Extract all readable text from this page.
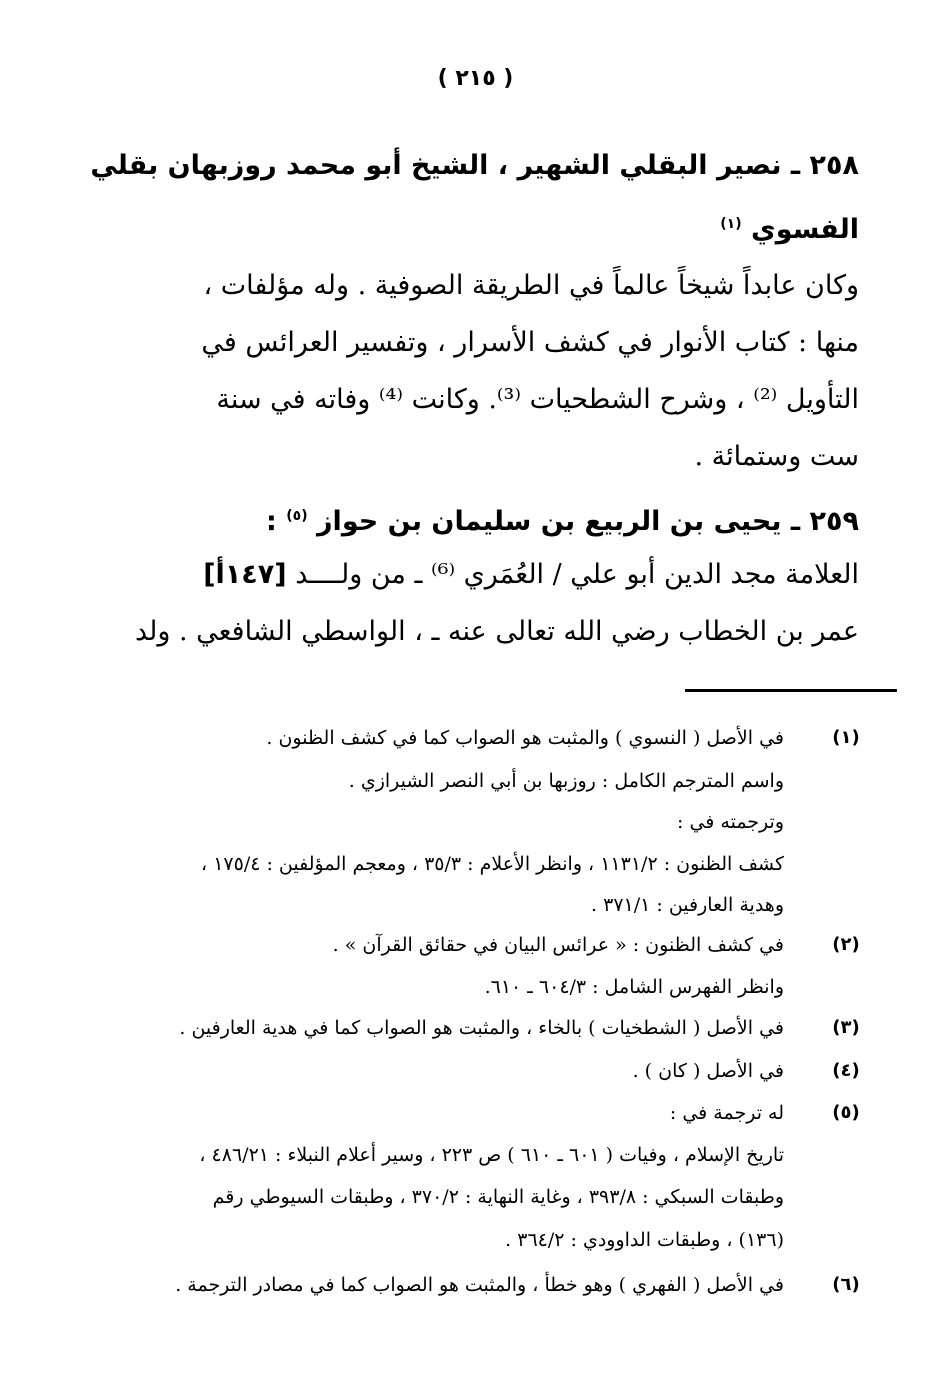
( ٢١٥ )
٢٥٨ ـ نصير البقلي الشهير ، الشيخ أبو محمد روزبهان بقلي
الفسوي $^{(١)}$
وكان عابداً شيخاً عالماً في الطريقة الصوفية . وله مؤلفات ،
منها : كتاب الأنوار في كشف الأسرار ، وتفسير العرائس في
التأويل ⁽²⁾ ، وشرح الشطحيات ⁽³⁾. وكانت ⁽⁴⁾ وفاته في سنة
ست وستمائة .
٢٥٩ ـ يحيى بن الربيع بن سليمان بن حواز $^{(٥)}$ :
العلامة مجد الدين أبو علي / العُمَري ⁽⁶⁾ ـ من ولــــد [١٤٧أ]
عمر بن الخطاب رضي الله تعالى عنه ـ ، الواسطي الشافعي . ولد
(١)
في الأصل ( النسوي ) والمثبت هو الصواب كما في كشف الظنون .
واسم المترجم الكامل : روزبها بن أبي النصر الشيرازي .
وترجمته في :
كشف الظنون : ١١٣١/٢ ، وانظر الأعلام : ٣٥/٣ ، ومعجم المؤلفين : ١٧٥/٤ ،
وهدية العارفين : ٣٧١/١ .
(٢)
في كشف الظنون : « عرائس البيان في حقائق القرآن » .
وانظر الفهرس الشامل : ٦٠٤/٣ ـ ٦١٠.
(٣)
في الأصل ( الشطخيات ) بالخاء ، والمثبت هو الصواب كما في هدية العارفين .
(٤)
في الأصل ( كان ) .
(٥)
له ترجمة في :
تاريخ الإسلام ، وفيات ( ٦٠١ ـ ٦١٠ ) ص ٢٢٣ ، وسير أعلام النبلاء : ٤٨٦/٢١ ،
وطبقات السبكي : ٣٩٣/٨ ، وغاية النهاية : ٣٧٠/٢ ، وطبقات السيوطي رقم
(١٣٦) ، وطبقات الداوودي : ٣٦٤/٢ .
(٦)
في الأصل ( الفهري ) وهو خطأ ، والمثبت هو الصواب كما في مصادر الترجمة .
